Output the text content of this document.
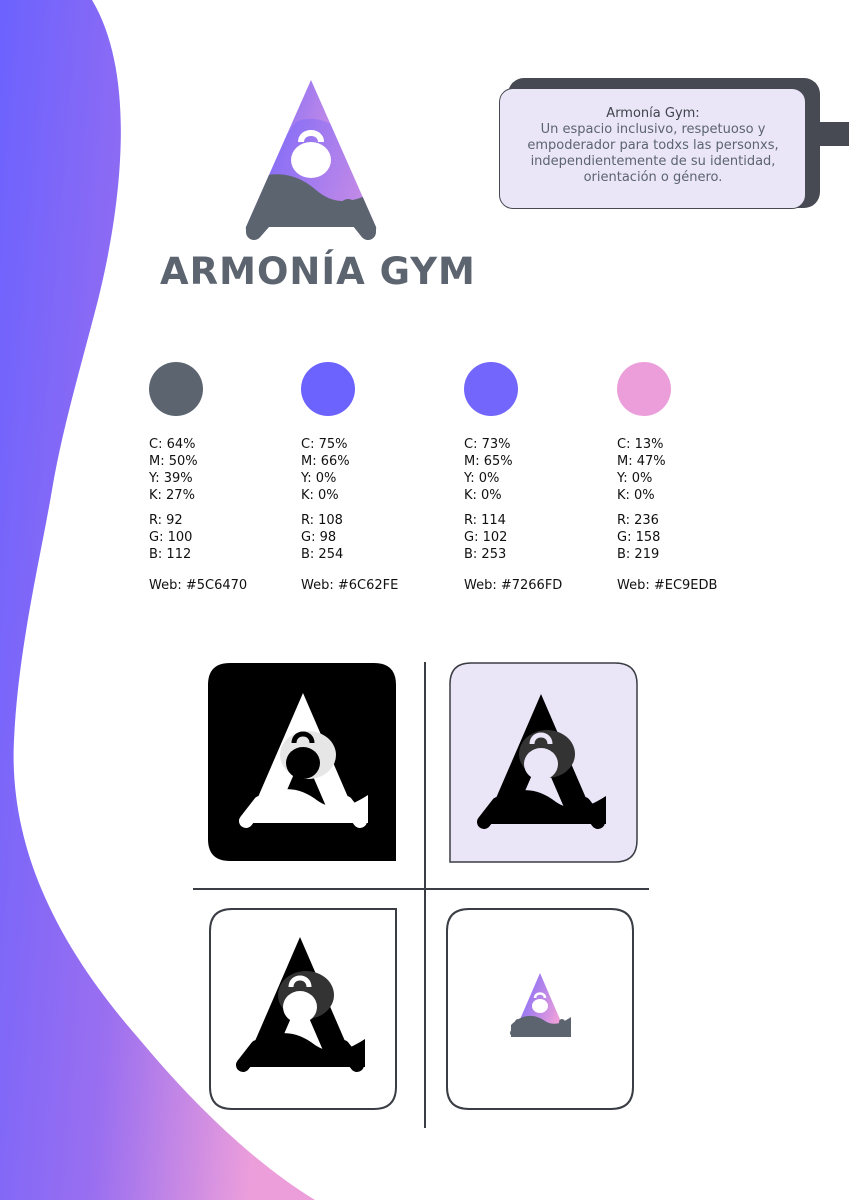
ARMONÍA GYM
Armonía Gym:
Un espacio inclusivo, respetuoso y empoderador para todxs las personxs, independientemente de su identidad, orientación o género.

C: 64%

M: 50%

Y: 39%

K: 27%

R: 92

G: 100

B: 112

Web: #5C6470

C: 75%

M: 66%

Y: 0%

K: 0%

R: 108

G: 98

B: 254

Web: #6C62FE

C: 73%

M: 65%

Y: 0%

K: 0%

R: 114

G: 102

B: 253

Web: #7266FD

C: 13%

M: 47%

Y: 0%

K: 0%

R: 236

G: 158

B: 219

Web: #EC9EDB
